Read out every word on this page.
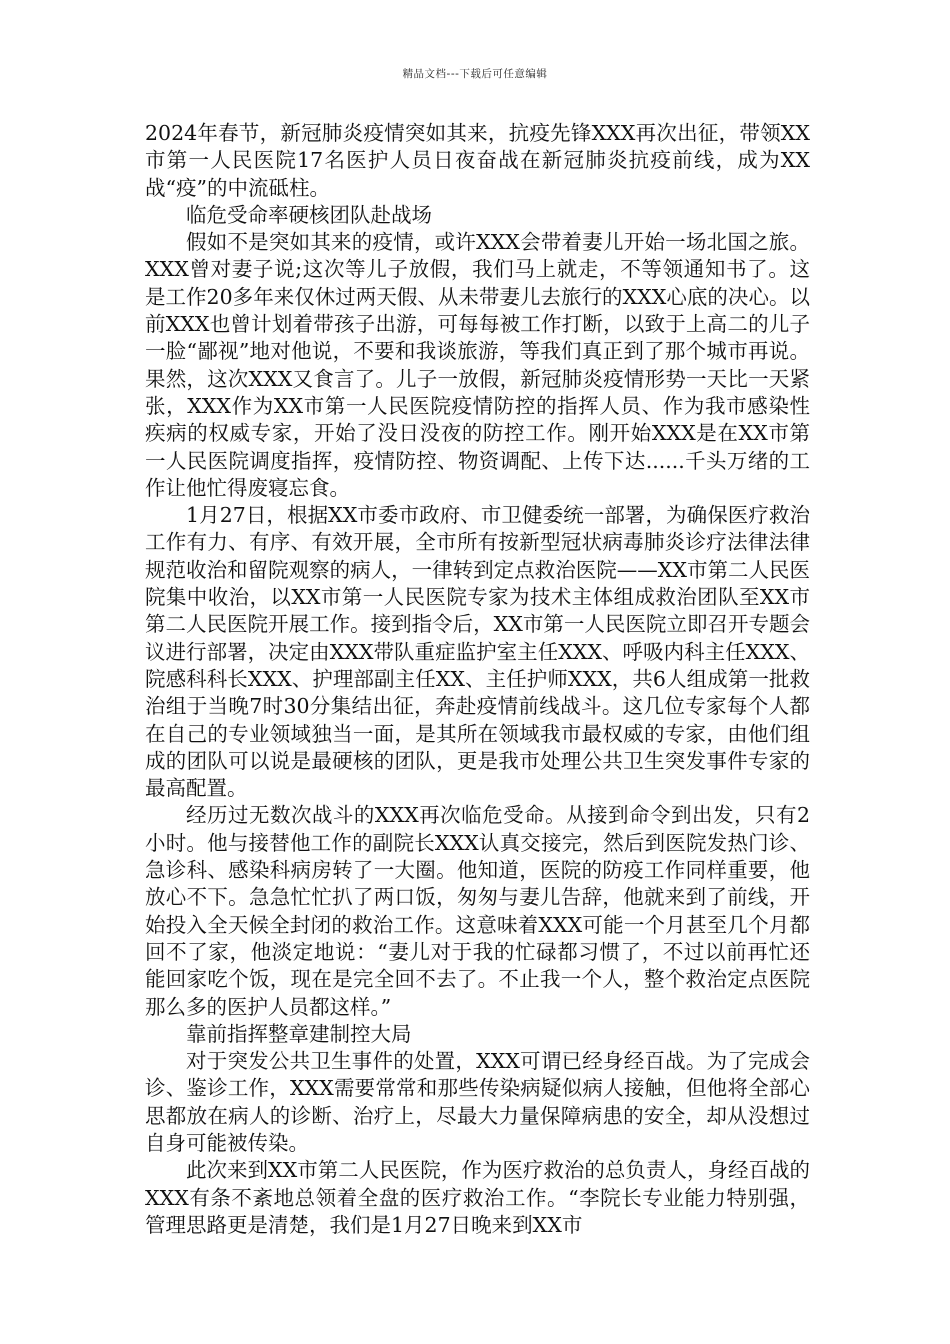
精品文档---下载后可任意编辑

2024年春节，新冠肺炎疫情突如其来，抗疫先锋XXX再次出征，带领XX市第一人民医院17名医护人员日夜奋战在新冠肺炎抗疫前线，成为XX战“疫”的中流砥柱。

临危受命率硬核团队赴战场

假如不是突如其来的疫情，或许XXX会带着妻儿开始一场北国之旅。XXX曾对妻子说;这次等儿子放假，我们马上就走，不等领通知书了。这是工作20多年来仅休过两天假、从未带妻儿去旅行的XXX心底的决心。以前XXX也曾计划着带孩子出游，可每每被工作打断，以致于上高二的儿子一脸“鄙视”地对他说，不要和我谈旅游，等我们真正到了那个城市再说。果然，这次XXX又食言了。儿子一放假，新冠肺炎疫情形势一天比一天紧张，XXX作为XX市第一人民医院疫情防控的指挥人员、作为我市感染性疾病的权威专家，开始了没日没夜的防控工作。刚开始XXX是在XX市第一人民医院调度指挥，疫情防控、物资调配、上传下达......千头万绪的工作让他忙得废寝忘食。

1月27日，根据XX市委市政府、市卫健委统一部署，为确保医疗救治工作有力、有序、有效开展，全市所有按新型冠状病毒肺炎诊疗法律法律规范收治和留院观察的病人，一律转到定点救治医院——XX市第二人民医院集中收治，以XX市第一人民医院专家为技术主体组成救治团队至XX市第二人民医院开展工作。接到指令后，XX市第一人民医院立即召开专题会议进行部署，决定由XXX带队重症监护室主任XXX、呼吸内科主任XXX、院感科科长XXX、护理部副主任XX、主任护师XXX，共6人组成第一批救治组于当晚7时30分集结出征，奔赴疫情前线战斗。这几位专家每个人都在自己的专业领域独当一面，是其所在领域我市最权威的专家，由他们组成的团队可以说是最硬核的团队，更是我市处理公共卫生突发事件专家的最高配置。

经历过无数次战斗的XXX再次临危受命。从接到命令到出发，只有2小时。他与接替他工作的副院长XXX认真交接完，然后到医院发热门诊、急诊科、感染科病房转了一大圈。他知道，医院的防疫工作同样重要，他放心不下。急急忙忙扒了两口饭，匆匆与妻儿告辞，他就来到了前线，开始投入全天候全封闭的救治工作。这意味着XXX可能一个月甚至几个月都回不了家，他淡定地说：“妻儿对于我的忙碌都习惯了，不过以前再忙还能回家吃个饭，现在是完全回不去了。不止我一个人，整个救治定点医院那么多的医护人员都这样。”

靠前指挥整章建制控大局

对于突发公共卫生事件的处置，XXX可谓已经身经百战。为了完成会诊、鉴诊工作，XXX需要常常和那些传染病疑似病人接触，但他将全部心思都放在病人的诊断、治疗上，尽最大力量保障病患的安全，却从没想过自身可能被传染。

此次来到XX市第二人民医院，作为医疗救治的总负责人，身经百战的XXX有条不紊地总领着全盘的医疗救治工作。“李院长专业能力特别强，管理思路更是清楚，我们是1月27日晚来到XX市
